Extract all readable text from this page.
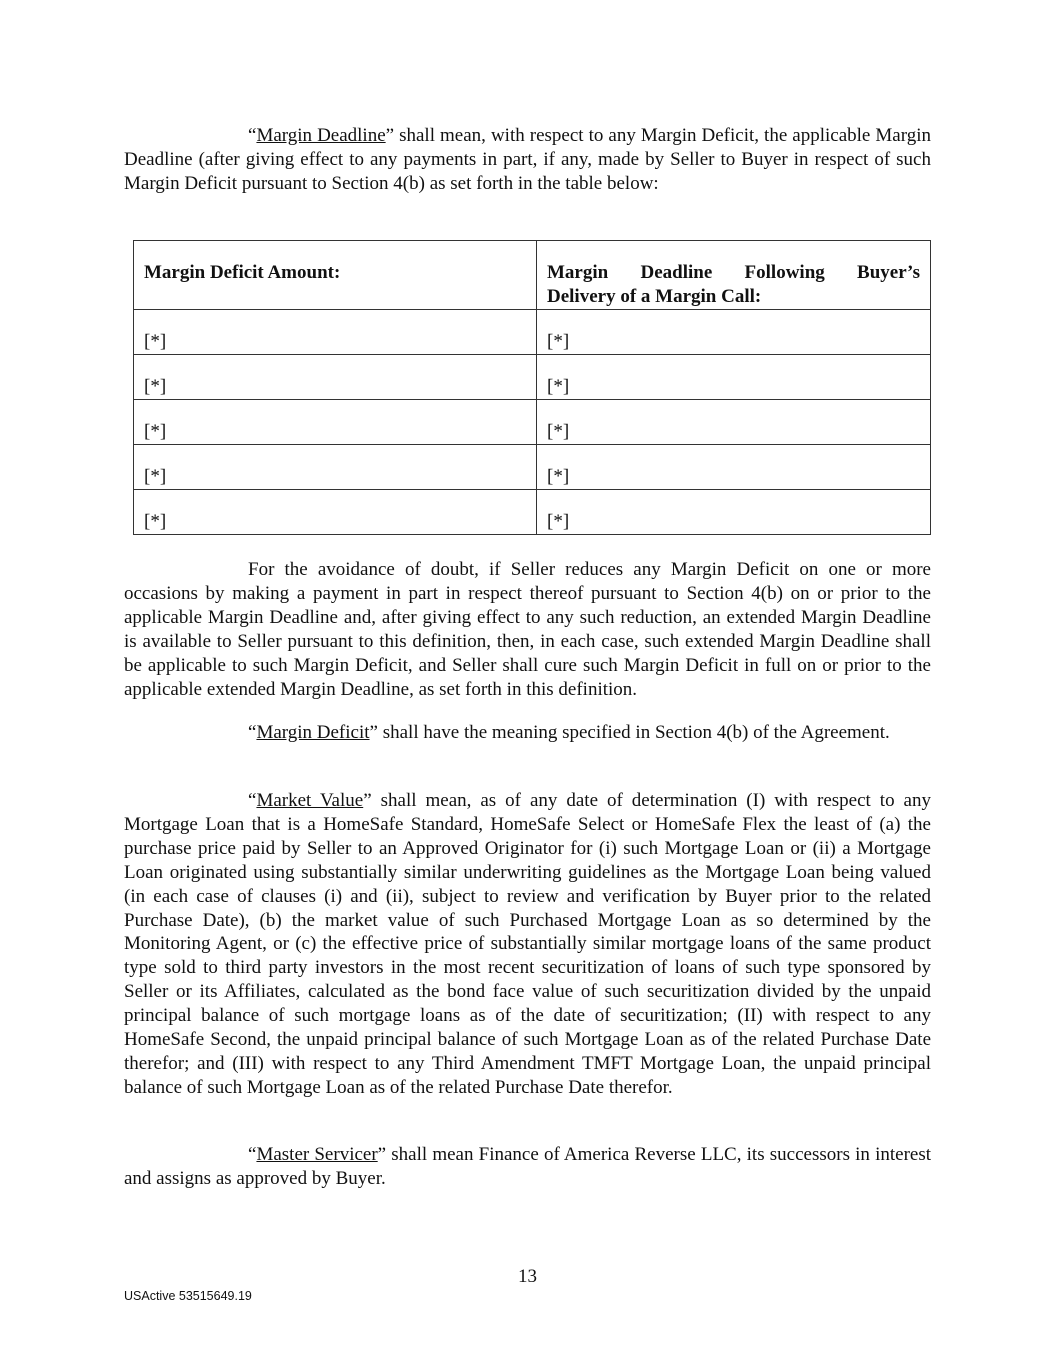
“Margin Deadline” shall mean, with respect to any Margin Deficit, the applicable Margin Deadline (after giving effect to any payments in part, if any, made by Seller to Buyer in respect of such Margin Deficit pursuant to Section 4(b) as set forth in the table below:

Margin Deficit Amount:	Margin Deadline Following Buyer’s
Delivery of a Margin Call:
[*]	[*]
[*]	[*]
[*]	[*]
[*]	[*]
[*]	[*]

For the avoidance of doubt, if Seller reduces any Margin Deficit on one or more occasions by making a payment in part in respect thereof pursuant to Section 4(b) on or prior to the applicable Margin Deadline and, after giving effect to any such reduction, an extended Margin Deadline is available to Seller pursuant to this definition, then, in each case, such extended Margin Deadline shall be applicable to such Margin Deficit, and Seller shall cure such Margin Deficit in full on or prior to the applicable extended Margin Deadline, as set forth in this definition.

“Margin Deficit” shall have the meaning specified in Section 4(b) of the Agreement.

“Market Value” shall mean, as of any date of determination (I) with respect to any Mortgage Loan that is a HomeSafe Standard, HomeSafe Select or HomeSafe Flex the least of (a) the purchase price paid by Seller to an Approved Originator for (i) such Mortgage Loan or (ii) a Mortgage Loan originated using substantially similar underwriting guidelines as the Mortgage Loan being valued (in each case of clauses (i) and (ii), subject to review and verification by Buyer prior to the related Purchase Date), (b) the market value of such Purchased Mortgage Loan as so determined by the Monitoring Agent, or (c) the effective price of substantially similar mortgage loans of the same product type sold to third party investors in the most recent securitization of loans of such type sponsored by Seller or its Affiliates, calculated as the bond face value of such securitization divided by the unpaid principal balance of such mortgage loans as of the date of securitization; (II) with respect to any HomeSafe Second, the unpaid principal balance of such Mortgage Loan as of the related Purchase Date therefor; and (III) with respect to any Third Amendment TMFT Mortgage Loan, the unpaid principal balance of such Mortgage Loan as of the related Purchase Date therefor.

“Master Servicer” shall mean Finance of America Reverse LLC, its successors in interest and assigns as approved by Buyer.

13
USActive 53515649.19
